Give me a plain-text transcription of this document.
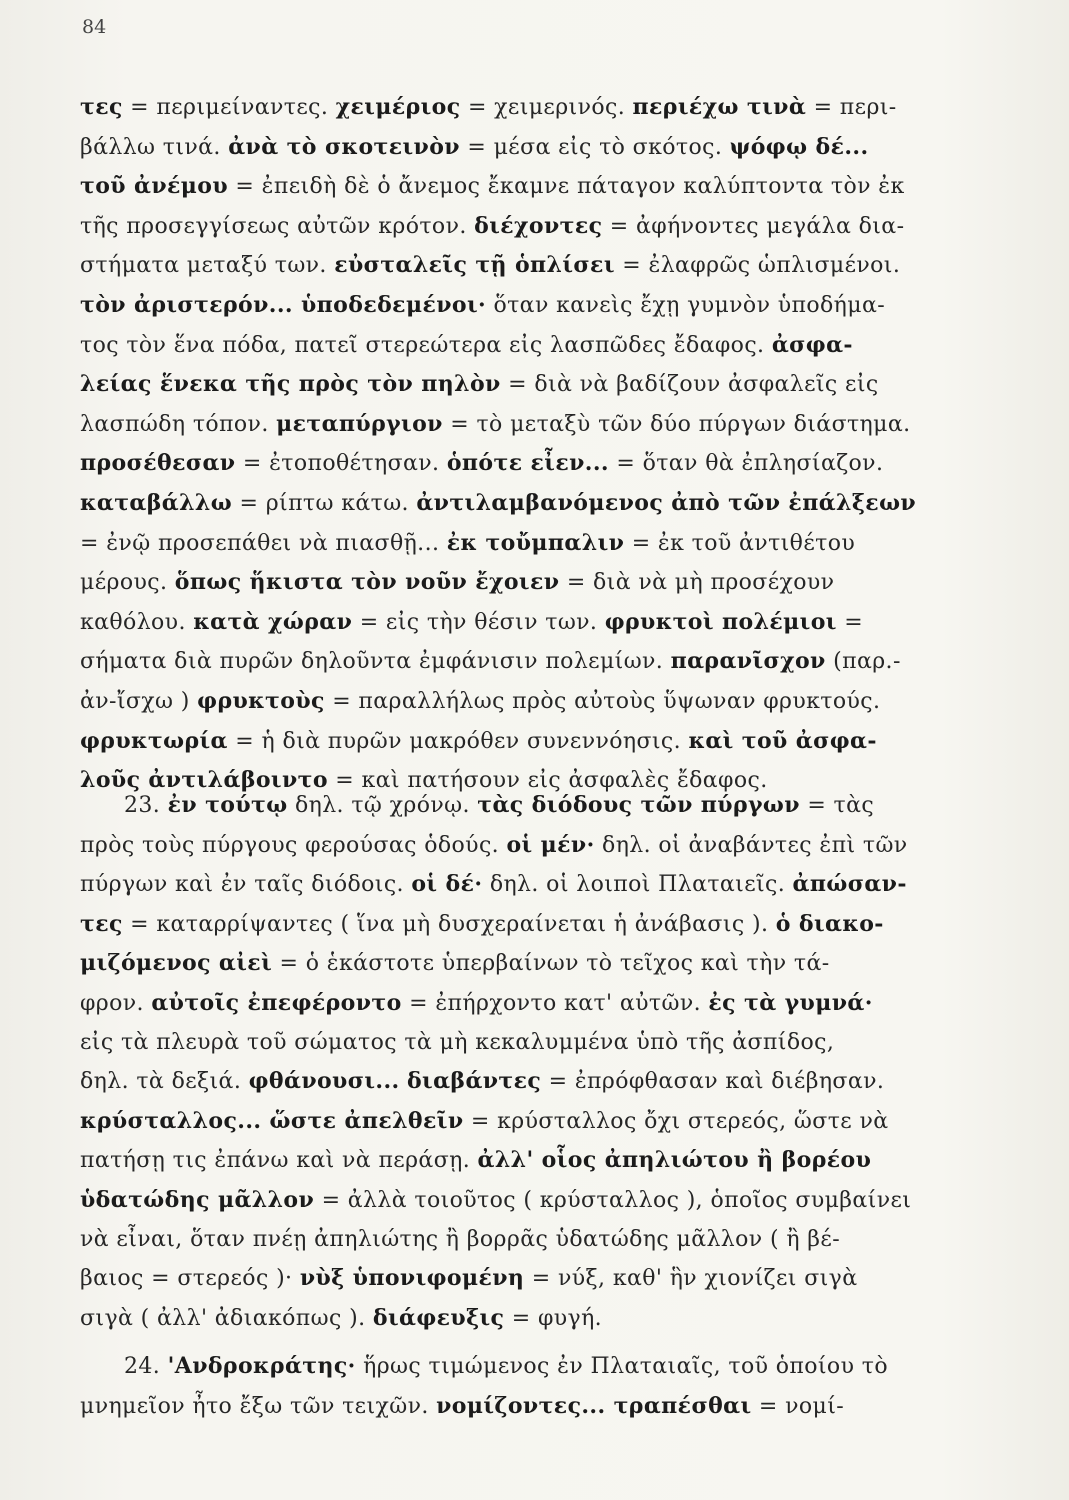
84
τες = περιμείναντες. χειμέριος = χειμερινός. περιέχω τινὰ = περι-
βάλλω τινά. ἀνὰ τὸ σκοτεινὸν = μέσα εἰς τὸ σκότος. ψόφῳ δέ...
τοῦ ἀνέμου = ἐπειδὴ δὲ ὁ ἄνεμος ἔκαμνε πάταγον καλύπτοντα τὸν ἐκ
τῆς προσεγγίσεως αὐτῶν κρότον. διέχοντες = ἀφήνοντες μεγάλα δια-
στήματα μεταξύ των. εὐσταλεῖς τῇ ὁπλίσει = ἐλαφρῶς ὡπλισμένοι.
τὸν ἀριστερόν... ὑποδεδεμένοι· ὅταν κανεὶς ἔχῃ γυμνὸν ὑποδήμα-
τος τὸν ἕνα πόδα, πατεῖ στερεώτερα εἰς λασπῶδες ἔδαφος. ἀσφα-
λείας ἕνεκα τῆς πρὸς τὸν πηλὸν = διὰ νὰ βαδίζουν ἀσφαλεῖς εἰς
λασπώδη τόπον. μεταπύργιον = τὸ μεταξὺ τῶν δύο πύργων διάστημα.
προσέθεσαν = ἐτοποθέτησαν. ὁπότε εἶεν... = ὅταν θὰ ἐπλησίαζον.
καταβάλλω = ρίπτω κάτω. ἀντιλαμβανόμενος ἀπὸ τῶν ἐπάλξεων
= ἐνῷ προσεπάθει νὰ πιασθῇ... ἐκ τοὔμπαλιν = ἐκ τοῦ ἀντιθέτου
μέρους. ὅπως ἥκιστα τὸν νοῦν ἔχοιεν = διὰ νὰ μὴ προσέχουν
καθόλου. κατὰ χώραν = εἰς τὴν θέσιν των. φρυκτοὶ πολέμιοι =
σήματα διὰ πυρῶν δηλοῦντα ἐμφάνισιν πολεμίων. παρανῖσχον (παρ.-
ἀν-ἴσχω ) φρυκτοὺς = παραλλήλως πρὸς αὐτοὺς ὕψωναν φρυκτούς.
φρυκτωρία = ἡ διὰ πυρῶν μακρόθεν συνεννόησις. καὶ τοῦ ἀσφα-
λοῦς ἀντιλάβοιντο = καὶ πατήσουν εἰς ἀσφαλὲς ἔδαφος.
23. ἐν τούτῳ δηλ. τῷ χρόνῳ. τὰς διόδους τῶν πύργων = τὰς
πρὸς τοὺς πύργους φερούσας ὁδούς. οἱ μέν· δηλ. οἱ ἀναβάντες ἐπὶ τῶν
πύργων καὶ ἐν ταῖς διόδοις. οἱ δέ· δηλ. οἱ λοιποὶ Πλαταιεῖς. ἀπώσαν-
τες = καταρρίψαντες ( ἵνα μὴ δυσχεραίνεται ἡ ἀνάβασις ). ὁ διακο-
μιζόμενος αἰεὶ = ὁ ἑκάστοτε ὑπερβαίνων τὸ τεῖχος καὶ τὴν τά-
φρον. αὐτοῖς ἐπεφέροντο = ἐπήρχοντο κατ' αὐτῶν. ἐς τὰ γυμνά·
εἰς τὰ πλευρὰ τοῦ σώματος τὰ μὴ κεκαλυμμένα ὑπὸ τῆς ἀσπίδος,
δηλ. τὰ δεξιά. φθάνουσι... διαβάντες = ἐπρόφθασαν καὶ διέβησαν.
κρύσταλλος... ὥστε ἀπελθεῖν = κρύσταλλος ὄχι στερεός, ὥστε νὰ
πατήσῃ τις ἐπάνω καὶ νὰ περάσῃ. ἀλλ' οἷος ἀπηλιώτου ἢ βορέου
ὑδατώδης μᾶλλον = ἀλλὰ τοιοῦτος ( κρύσταλλος ), ὁποῖος συμβαίνει
νὰ εἶναι, ὅταν πνέῃ ἀπηλιώτης ἢ βορρᾶς ὑδατώδης μᾶλλον ( ἢ βέ-
βαιος = στερεός )· νὺξ ὑπονιφομένη = νύξ, καθ' ἣν χιονίζει σιγὰ
σιγὰ ( ἀλλ' ἀδιακόπως ). διάφευξις = φυγή.
24. 'Ανδροκράτης· ἥρως τιμώμενος ἐν Πλαταιαῖς, τοῦ ὁποίου τὸ
μνημεῖον ἦτο ἔξω τῶν τειχῶν. νομίζοντες... τραπέσθαι = νομί-
